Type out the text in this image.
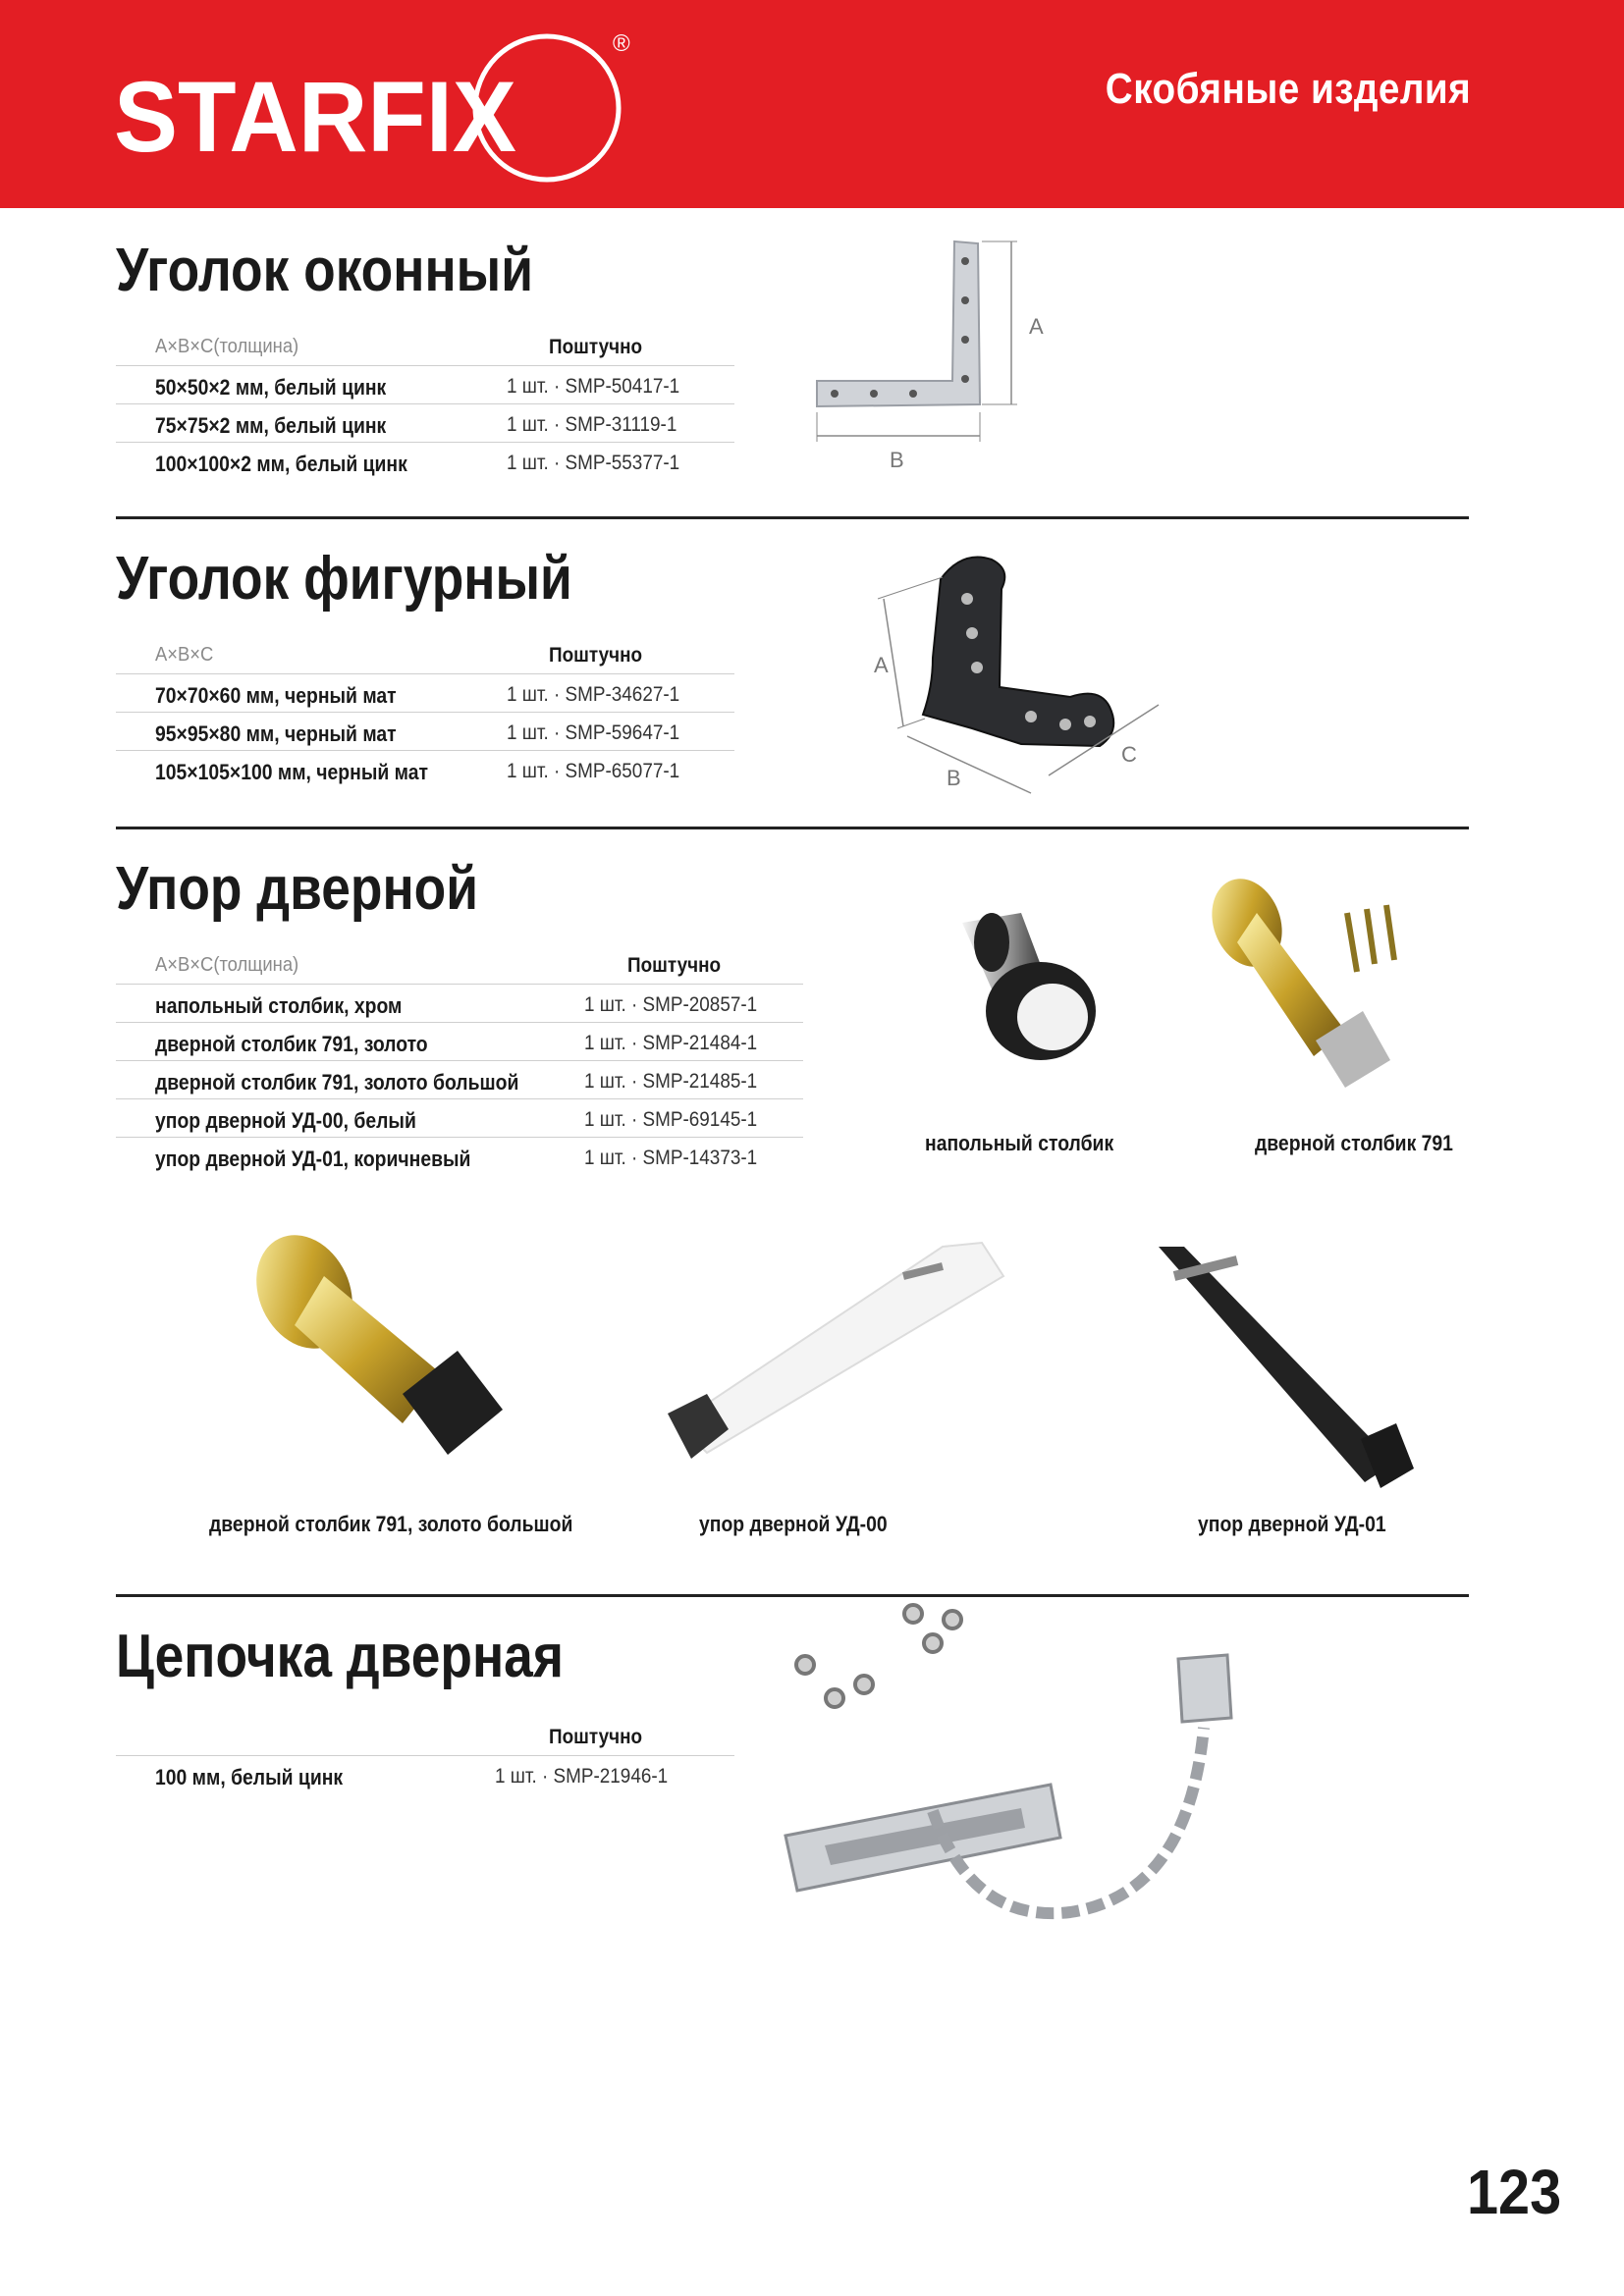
STARFIX
®
Скобяные изделия
Уголок оконный
A×B×C(толщина)	Поштучно
50×50×2 мм, белый цинк	1 шт. · SMP-50417-1
75×75×2 мм, белый цинк	1 шт. · SMP-31119-1
100×100×2 мм, белый цинк	1 шт. · SMP-55377-1
A
B
Уголок фигурный
A×B×C	Поштучно
70×70×60 мм, черный мат	1 шт. · SMP-34627-1
95×95×80 мм, черный мат	1 шт. · SMP-59647-1
105×105×100 мм, черный мат	1 шт. · SMP-65077-1
A
B
C
Упор дверной
A×B×C(толщина)	Поштучно
напольный столбик, хром	1 шт. · SMP-20857-1
дверной столбик 791, золото	1 шт. · SMP-21484-1
дверной столбик 791, золото большой	1 шт. · SMP-21485-1
упор дверной УД-00, белый	1 шт. · SMP-69145-1
упор дверной УД-01, коричневый	1 шт. · SMP-14373-1
напольный столбик	дверной столбик 791
дверной столбик 791, золото большой	упор дверной УД-00	упор дверной УД-01
Цепочка дверная
Поштучно
100 мм, белый цинк	1 шт. · SMP-21946-1
123
